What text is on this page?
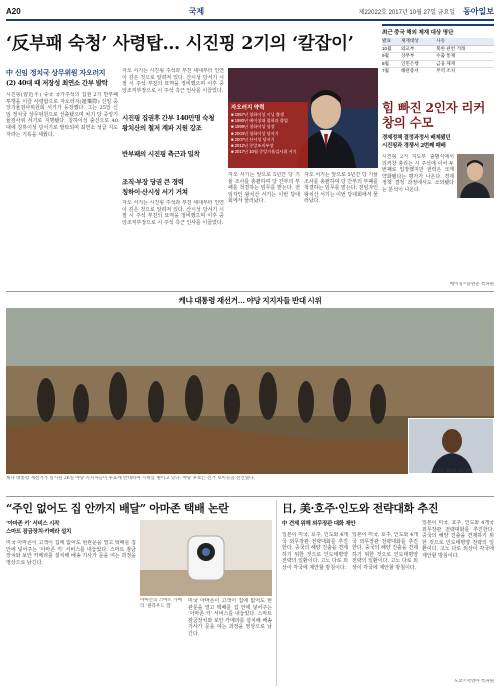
A20	국제	제22022호 2017년 10월 27일 금요일 동아일보
‘反부패 숙청’ 사령탑… 시진핑 2기의 ‘칼잡이’
中 신임 정치국 상무위원 자오러지
(2) 40대 때 저장성 최연소 간부 발탁
시진핑(習近平) 중국 국가주석의 집권 2기 반부패 투쟁을 이끌 사령탑으로 자오러지(趙樂際) 신임 중앙기율검사위원회 서기가 등장했다. 그는 25일 신임 정치국 상무위원으로 선출됐으며 차기 당 중앙기율검사위 서기로 지명됐다. 칭하이성 출신으로 40대에 칭하이성 당서기로 발탁되며 최연소 성급 지도자라는 기록을 세웠다.
자오 서기는 시진핑 주석과 부친 세대부터 인연이 깊은 것으로 알려져 있다. 산시성 당서기 시절 시 주석 부친의 묘역을 정비했으며 이후 중앙조직부장으로 시 주석 측근 인사를 이끌었다.
시진핑 집권후 간부 140만명 숙청
왕치산의 철저 계파 지원 강조
반부패의 시진핑 측근과 밀착
조직·부장 당권 큰 경력
칭하이·산시성 서기 거쳐
자오 서기는 시진핑 주석과 부친 세대부터 인연이 깊은 것으로 알려져 있다. 산시성 당서기 시절 시 주석 부친의 묘역을 정비했으며 이후 중앙조직부장으로 시 주석 측근 인사를 이끌었다.
자오러지 약력
■ 1957년 칭하이성 시닝 출생
■ 1980년 베이징대 철학과 졸업
■ 1999년 칭하이성 성장
■ 2003년 칭하이성 당서기
■ 2007년 산시성 당서기
■ 2012년 중앙조직부장
■ 2017년 10월 중앙기율검사위 서기
자오 서기는 앞으로 5년간 당 기율 조사를 총괄하며 당 간부의 부패를 척결하는 임무를 맡는다. 전임자인 왕치산 서기는 이번 당대회에서 물러났다.
자오 서기는 앞으로 5년간 당 기율 조사를 총괄하며 당 간부의 부패를 척결하는 임무를 맡는다. 전임자인 왕치산 서기는 이번 당대회에서 물러났다.
최근 중국 해외 제재 대상 명단
발표	제재대상	사유
10월	외교부	북한 관련 거래
9월	상무부	수출 통제
8월	인민은행	금융 제재
7월	해관총서	무역 조치
힘 빠진 2인자 리커창의 수모
경제정책 결정과정서 배제됐던
시진핑과 경쟁서 2번째 패배
시진핑 2기 지도부 출범식에서 리커창 총리는 시 주석에 이어 두 번째로 입장했지만 권력은 크게 약화됐다는 평가가 나온다. 경제정책 결정 과정에서도 소외됐다는 분석이 나온다.
베이징=윤완준 특파원
케냐 대통령 재선거… 야당 지지자들 반대 시위
우후루 케냐타 대통령
케냐 대통령 재선거가 실시된 26일 야당 지지자들이 투표에 반대하며 시위를 벌이고 있다. 야당 후보는 선거 보이콧을 선언했다.
“주인 없어도 집 안까지 배달” 아마존 택배 논란
‘아마존 키’ 서비스 시작
스마트 잠금장치·카메라 설치
미국 아마존이 고객이 집에 없어도 현관문을 열고 택배를 집 안에 넣어주는 ‘아마존 키’ 서비스를 내놓았다. 스마트 잠금장치와 보안 카메라를 설치해 배송 기사가 문을 여는 과정을 영상으로 남긴다.
아마존의 스마트 카메라 ‘클라우드 캠’
미국 아마존이 고객이 집에 없어도 현관문을 열고 택배를 집 안에 넣어주는 ‘아마존 키’ 서비스를 내놓았다. 스마트 잠금장치와 보안 카메라를 설치해 배송 기사가 문을 여는 과정을 영상으로 남긴다.
日, 美·호주·인도와 전략대화 추진
中 견제 위해 외무장관 대화 제안
일본이 미국, 호주, 인도와 4개국 외무장관 전략대화를 추진한다. 중국의 해양 진출을 견제하기 위한 것으로 인도태평양 전략의 일환이다. 고노 다로 외상이 각국에 제안할 방침이다.
일본이 미국, 호주, 인도와 4개국 외무장관 전략대화를 추진한다. 중국의 해양 진출을 견제하기 위한 것으로 인도태평양 전략의 일환이다. 고노 다로 외상이 각국에 제안할 방침이다.
일본이 미국, 호주, 인도와 4개국 외무장관 전략대화를 추진한다. 중국의 해양 진출을 견제하기 위한 것으로 인도태평양 전략의 일환이다. 고노 다로 외상이 각국에 제안할 방침이다.
도쿄=서영아 특파원
